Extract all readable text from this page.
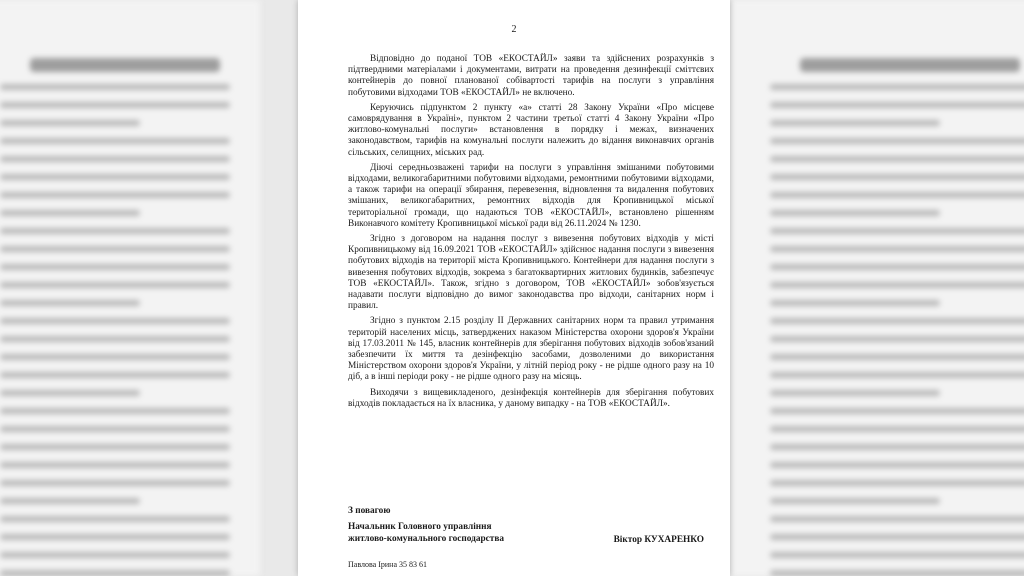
2

Відповідно до поданої ТОВ «ЕКОСТАЙЛ» заяви та здійснених розрахунків з підтвердними матеріалами і документами, витрати на проведення дезинфекції сміттєвих контейнерів до повної планованої собівартості тарифів на послуги з управління побутовими відходами ТОВ «ЕКОСТАЙЛ» не включено.

Керуючись підпунктом 2 пункту «а» статті 28 Закону України «Про місцеве самоврядування в Україні», пунктом 2 частини третьої статті 4 Закону України «Про житлово-комунальні послуги» встановлення в порядку і межах, визначених законодавством, тарифів на комунальні послуги належить до відання виконавчих органів сільських, селищних, міських рад.

Діючі середньозважені тарифи на послуги з управління змішаними побутовими відходами, великогабаритними побутовими відходами, ремонтними побутовими відходами, а також тарифи на операції збирання, перевезення, відновлення та видалення побутових змішаних, великогабаритних, ремонтних відходів для Кропивницької міської територіальної громади, що надаються ТОВ «ЕКОСТАЙЛ», встановлено рішенням Виконавчого комітету Кропивницької міської ради від 26.11.2024 № 1230.

Згідно з договором на надання послуг з вивезення побутових відходів у місті Кропивницькому від 16.09.2021 ТОВ «ЕКОСТАЙЛ» здійснює надання послуги з вивезення побутових відходів на території міста Кропивницького. Контейнери для надання послуги з вивезення побутових відходів, зокрема з багатоквартирних житлових будинків, забезпечує ТОВ «ЕКОСТАЙЛ». Також, згідно з договором, ТОВ «ЕКОСТАЙЛ» зобов'язується надавати послуги відповідно до вимог законодавства про відходи, санітарних норм і правил.

Згідно з пунктом 2.15 розділу II Державних санітарних норм та правил утримання територій населених місць, затверджених наказом Міністерства охорони здоров'я України від 17.03.2011 № 145, власник контейнерів для зберігання побутових відходів зобов'язаний забезпечити їх миття та дезінфекцію засобами, дозволеними до використання Міністерством охорони здоров'я України, у літній період року - не рідше одного разу на 10 діб, а в інші періоди року - не рідше одного разу на місяць.

Виходячи з вищевикладеного, дезінфекція контейнерів для зберігання побутових відходів покладається на їх власника, у даному випадку - на ТОВ «ЕКОСТАЙЛ».

З повагою
Начальник Головного управління
житлово-комунального господарства	Віктор КУХАРЕНКО
Павлова Ірина 35 83 61
